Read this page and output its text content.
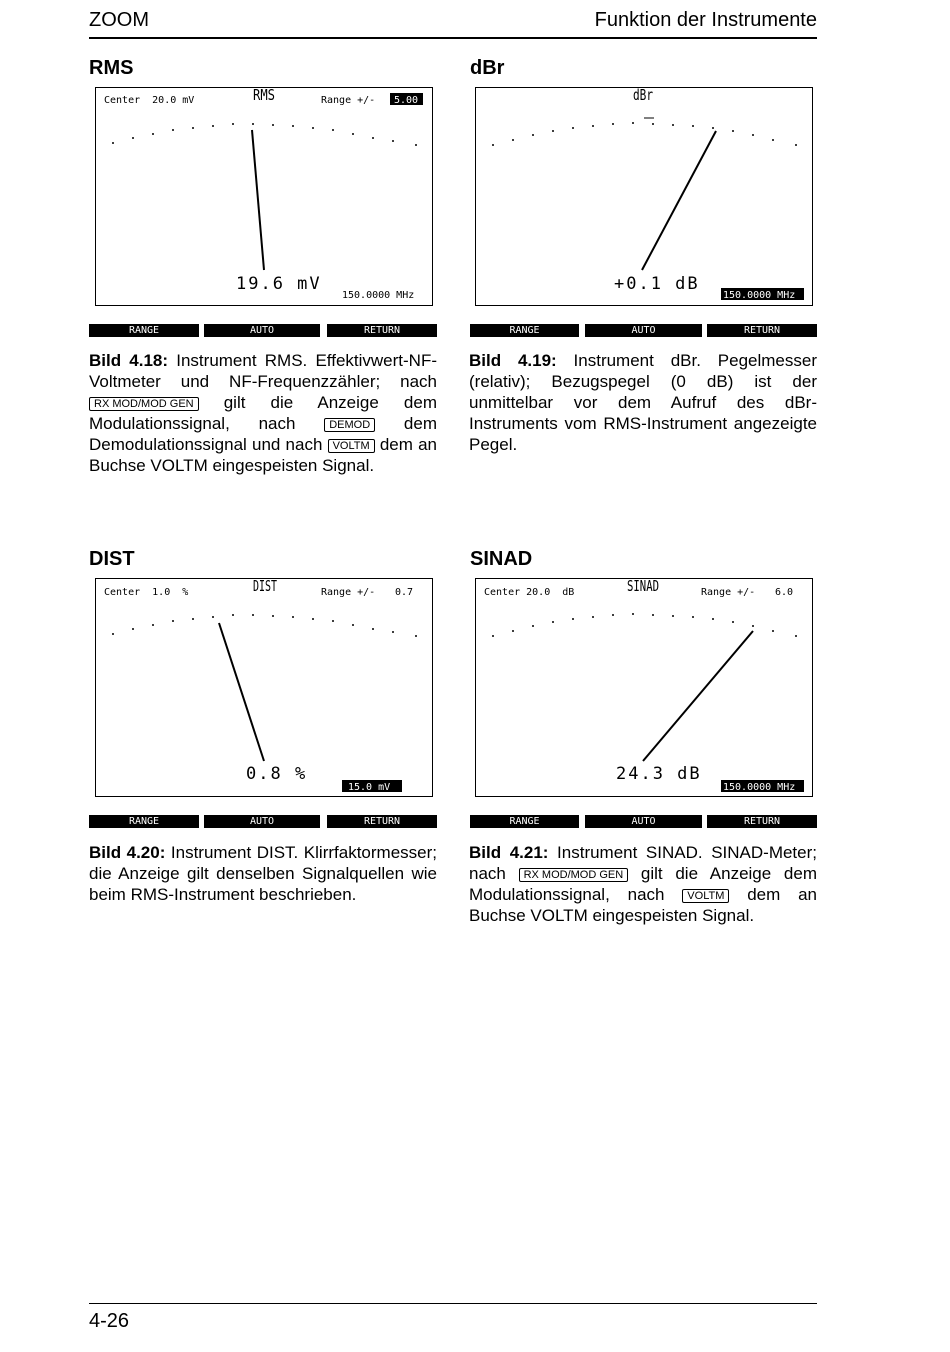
ZOOM	Funktion der Instrumente
RMS
RMS
Center  20.0 mV	Range +/- 5.00
19.6 mV
150.0000 MHz
RANGE	AUTO	RETURN
Bild 4.18: Instrument RMS. Effektivwert-NF-Voltmeter und NF-Frequenzzähler; nach RX MOD/MOD GEN gilt die Anzeige dem Modulationssignal, nach DEMOD dem Demodulationssignal und nach VOLTM dem an Buchse VOLTM eingespeisten Signal.
dBr
dBr
+0.1 dB
150.0000 MHz
RANGE	AUTO	RETURN
Bild 4.19: Instrument dBr. Pegelmesser (relativ); Bezugspegel (0 dB) ist der unmittelbar vor dem Aufruf des dBr-Instruments vom RMS-Instrument angezeigte Pegel.
DIST
DIST
Center  1.0  %	Range +/- 0.7
0.8 %
15.0 mV
RANGE	AUTO	RETURN
Bild 4.20: Instrument DIST. Klirrfaktormesser; die Anzeige gilt denselben Signalquellen wie beim RMS-Instrument beschrieben.
SINAD
SINAD
Center 20.0  dB	Range +/- 6.0
24.3 dB
150.0000 MHz
RANGE	AUTO	RETURN
Bild 4.21: Instrument SINAD. SINAD-Meter; nach RX MOD/MOD GEN gilt die Anzeige dem Modulationssignal, nach VOLTM dem an Buchse VOLTM eingespeisten Signal.
4-26
